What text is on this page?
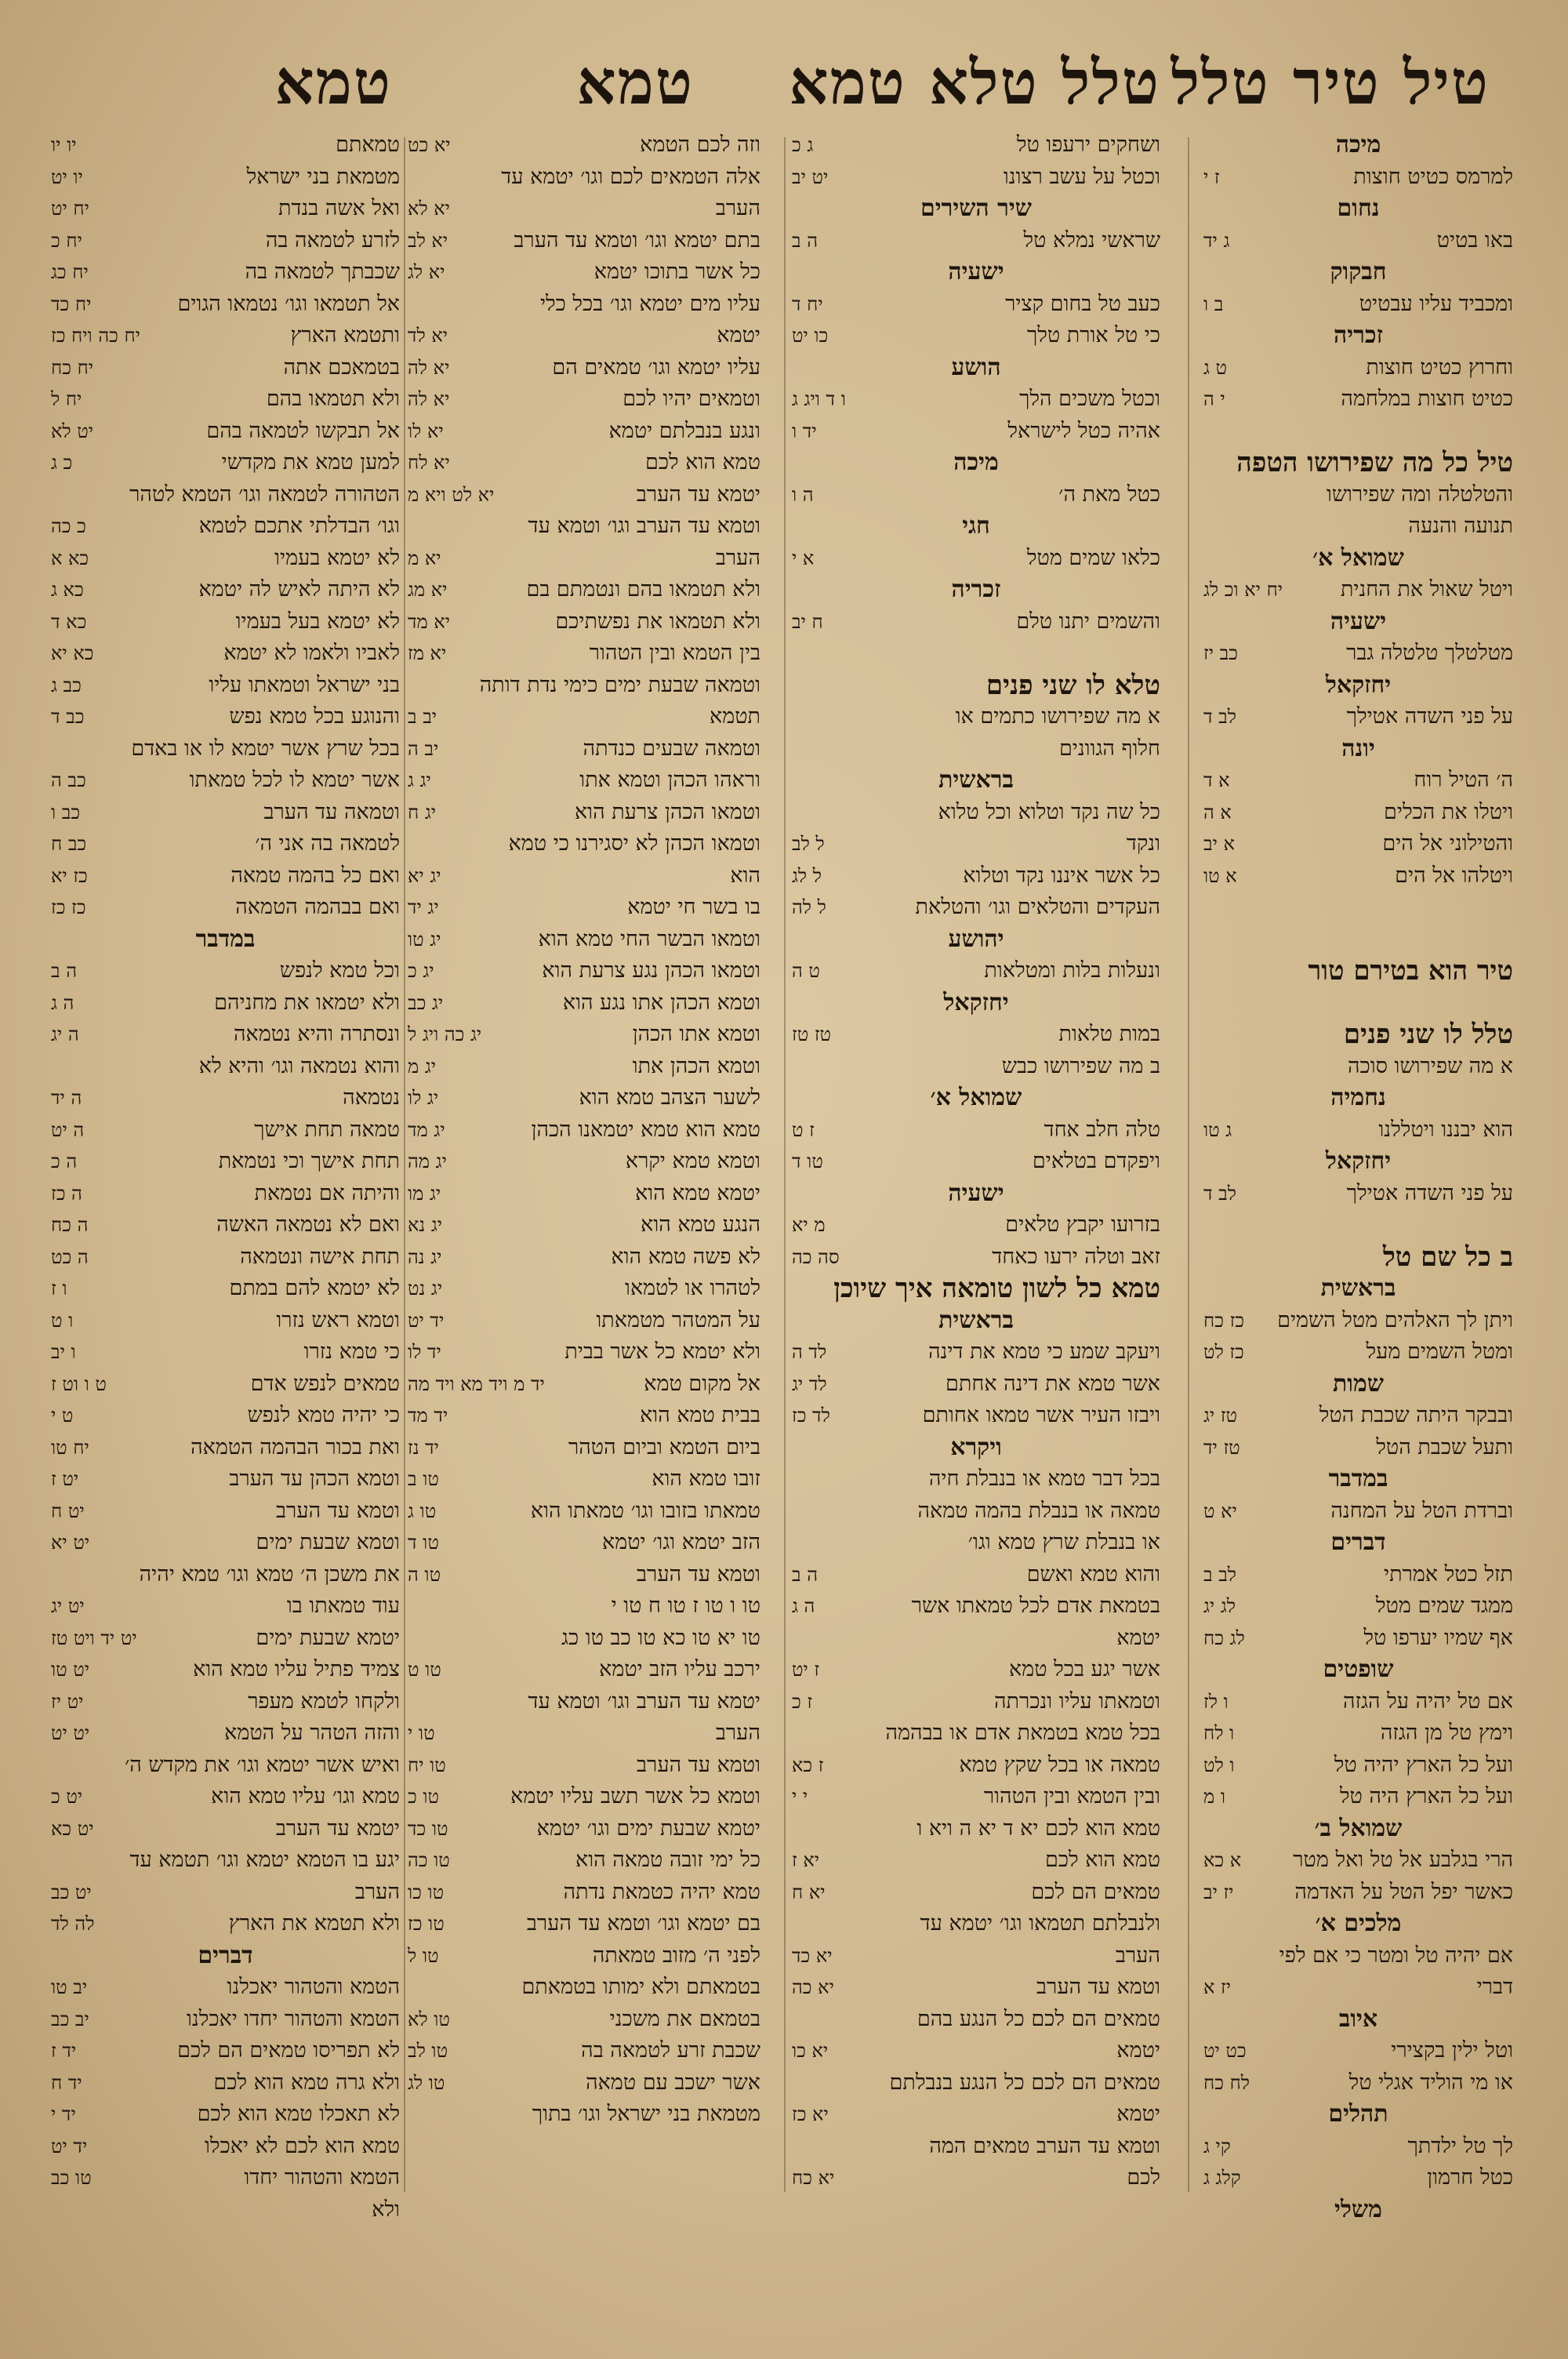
טיל טיר טלל
טלל טלא טמא
טמא
טמא
מיכה
למרמס כטיט חוצות
ז י
נחום
באו בטיט
ג יד
חבקוק
ומכביד עליו עבטיט
ב ו
זכריה
וחרוץ כטיט חוצות
ט ג
כטיט חוצות במלחמה
י ה
טיל כל מה שפירושו הטפה
והטלטלה ומה שפירושו
תנועה והנעה
שמואל א׳
ויטל שאול את החנית
יח יא וכ לג
ישעיה
מטלטלך טלטלה גבר
כב יז
יחזקאל
על פני השדה אטילך
לב ד
יונה
ה׳ הטיל רוח
א ד
ויטלו את הכלים
א ה
והטילוני אל הים
א יב
ויטלהו אל הים
א טו
טיר הוא בטירם טור
טלל לו שני פנים
א מה שפירושו סוכה
נחמיה
הוא יבננו ויטללנו
ג טו
יחזקאל
על פני השדה אטילך
לב ד
ב כל שם טל
בראשית
ויתן לך האלהים מטל השמים
כז כח
ומטל השמים מעל
כז לט
שמות
ובבקר היתה שכבת הטל
טז יג
ותעל שכבת הטל
טז יד
במדבר
וברדת הטל על המחנה
יא ט
דברים
תזל כטל אמרתי
לב ב
ממגד שמים מטל
לג יג
אף שמיו יערפו טל
לג כח
שופטים
אם טל יהיה על הגזה
ו לז
וימץ טל מן הגזה
ו לח
ועל כל הארץ יהיה טל
ו לט
ועל כל הארץ היה טל
ו מ
שמואל ב׳
הרי בגלבע אל טל ואל מטר
א כא
כאשר יפל הטל על האדמה
יז יב
מלכים א׳
אם יהיה טל ומטר כי אם לפי
דברי
יז א
איוב
וטל ילין בקצירי
כט יט
או מי הוליד אגלי טל
לח כח
תהלים
לך טל ילדתך
קי ג
כטל חרמון
קלג ג
משלי
ושחקים ירעפו טל
ג כ
וכטל על עשב רצונו
יט יב
שיר השירים
שראשי נמלא טל
ה ב
ישעיה
כעב טל בחום קציר
יח ד
כי טל אורת טלך
כו יט
הושע
וכטל משכים הלך
ו ד ויג ג
אהיה כטל לישראל
יד ו
מיכה
כטל מאת ה׳
ה ו
חגי
כלאו שמים מטל
א י
זכריה
והשמים יתנו טלם
ח יב
טלא לו שני פנים
א מה שפירושו כתמים או
חלוף הגוונים
בראשית
כל שה נקד וטלוא וכל טלוא
ונקד
ל לב
כל אשר איננו נקד וטלוא
ל לג
העקדים והטלאים וגו׳ והטלאת
ל לה
יהושע
ונעלות בלות ומטלאות
ט ה
יחזקאל
במות טלאות
טז טז
ב מה שפירושו כבש
שמואל א׳
טלה חלב אחד
ז ט
ויפקדם בטלאים
טו ד
ישעיה
בזרועו יקבץ טלאים
מ יא
זאב וטלה ירעו כאחד
סה כה
טמא כל לשון טומאה איך שיוכן
בראשית
ויעקב שמע כי טמא את דינה
לד ה
אשר טמא את דינה אחתם
לד יג
ויבזו העיר אשר טמאו אחותם
לד כז
ויקרא
בכל דבר טמא או בנבלת חיה
טמאה או בנבלת בהמה טמאה
או בנבלת שרץ טמא וגו׳
והוא טמא ואשם
ה ב
בטמאת אדם לכל טמאתו אשר
ה ג
יטמא
אשר יגע בכל טמא
ז יט
וטמאתו עליו ונכרתה
ז כ
בכל טמא בטמאת אדם או בבהמה
טמאה או בכל שקץ טמא
ז כא
ובין הטמא ובין הטהור
י י
טמא הוא לכם יא ד יא ה ויא ו
טמא הוא לכם
יא ז
טמאים הם לכם
יא ח
ולנבלתם תטמאו וגו׳ יטמא עד
הערב
יא כד
וטמא עד הערב
יא כה
טמאים הם לכם כל הנגע בהם
יטמא
יא כו
טמאים הם לכם כל הנגע בנבלתם
יטמא
יא כז
וטמא עד הערב טמאים המה
לכם
יא כח
וזה לכם הטמא
יא כט
אלה הטמאים לכם וגו׳ יטמא עד
הערב
יא לא
בתם יטמא וגו׳ וטמא עד הערב
יא לב
כל אשר בתוכו יטמא
יא לג
עליו מים יטמא וגו׳ בכל כלי
יטמא
יא לד
עליו יטמא וגו׳ טמאים הם
יא לה
וטמאים יהיו לכם
יא לה
ונגע בנבלתם יטמא
יא לו
טמא הוא לכם
יא לח
יטמא עד הערב
יא לט ויא מ
וטמא עד הערב וגו׳ וטמא עד
הערב
יא מ
ולא תטמאו בהם ונטמתם בם
יא מג
ולא תטמאו את נפשתיכם
יא מד
בין הטמא ובין הטהור
יא מז
וטמאה שבעת ימים כימי נדת דותה
תטמא
יב ב
וטמאה שבעים כנדתה
יב ה
וראהו הכהן וטמא אתו
יג ג
וטמאו הכהן צרעת הוא
יג ח
וטמאו הכהן לא יסגירנו כי טמא
הוא
יג יא
בו בשר חי יטמא
יג יד
וטמאו הבשר החי טמא הוא
יג טו
וטמאו הכהן נגע צרעת הוא
יג כ
וטמא הכהן אתו נגע הוא
יג כב
וטמא אתו הכהן
יג כה ויג ל
וטמא הכהן אתו
יג מ
לשער הצהב טמא הוא
יג לו
טמא הוא טמא יטמאנו הכהן
יג מד
וטמא טמא יקרא
יג מה
יטמא טמא הוא
יג מו
הנגע טמא הוא
יג נא
לא פשה טמא הוא
יג נה
לטהרו או לטמאו
יג נט
על המטהר מטמאתו
יד יט
ולא יטמא כל אשר בבית
יד לו
אל מקום טמא
יד מ ויד מא ויד מה
בבית טמא הוא
יד מד
ביום הטמא וביום הטהר
יד נז
זובו טמא הוא
טו ב
טמאתו בזובו וגו׳ טמאתו הוא
טו ג
הזב יטמא וגו׳ יטמא
טו ד
וטמא עד הערב
טו ה
טו ו טו ז טו ח טו י
טו יא טו כא טו כב טו כג
ירכב עליו הזב יטמא
טו ט
יטמא עד הערב וגו׳ וטמא עד
הערב
טו י
וטמא עד הערב
טו יח
וטמא כל אשר תשב עליו יטמא
טו כ
יטמא שבעת ימים וגו׳ יטמא
טו כד
כל ימי זובה טמאה הוא
טו כה
טמא יהיה כטמאת נדתה
טו כו
בם יטמא וגו׳ וטמא עד הערב
טו כז
לפני ה׳ מזוב טמאתה
טו ל
בטמאתם ולא ימותו בטמאתם
בטמאם את משכני
טו לא
שכבת זרע לטמאה בה
טו לב
אשר ישכב עם טמאה
טו לג
מטמאת בני ישראל וגו׳ בתוך
טמאתם
יו יו
מטמאת בני ישראל
יו יט
ואל אשה בנדת
יח יט
לזרע לטמאה בה
יח כ
שכבתך לטמאה בה
יח כג
אל תטמאו וגו׳ נטמאו הגוים
יח כד
ותטמא הארץ
יח כה ויח כז
בטמאכם אתה
יח כח
ולא תטמאו בהם
יח ל
אל תבקשו לטמאה בהם
יט לא
למען טמא את מקדשי
כ ג
הטהורה לטמאה וגו׳ הטמא לטהר
וגו׳ הבדלתי אתכם לטמא
כ כה
לא יטמא בעמיו
כא א
לא היתה לאיש לה יטמא
כא ג
לא יטמא בעל בעמיו
כא ד
לאביו ולאמו לא יטמא
כא יא
בני ישראל וטמאתו עליו
כב ג
והנוגע בכל טמא נפש
כב ד
בכל שרץ אשר יטמא לו או באדם
אשר יטמא לו לכל טמאתו
כב ה
וטמאה עד הערב
כב ו
לטמאה בה אני ה׳
כב ח
ואם כל בהמה טמאה
כז יא
ואם בבהמה הטמאה
כז כז
במדבר
וכל טמא לנפש
ה ב
ולא יטמאו את מחניהם
ה ג
ונסתרה והיא נטמאה
ה יג
והוא נטמאה וגו׳ והיא לא
נטמאה
ה יד
טמאה תחת אישך
ה יט
תחת אישך וכי נטמאת
ה כ
והיתה אם נטמאת
ה כז
ואם לא נטמאה האשה
ה כח
תחת אישה ונטמאה
ה כט
לא יטמא להם במתם
ו ז
וטמא ראש נזרו
ו ט
כי טמא נזרו
ו יב
טמאים לנפש אדם
ט ו וט ז
כי יהיה טמא לנפש
ט י
ואת בכור הבהמה הטמאה
יח טו
וטמא הכהן עד הערב
יט ז
וטמא עד הערב
יט ח
וטמא שבעת ימים
יט יא
את משכן ה׳ טמא וגו׳ טמא יהיה
עוד טמאתו בו
יט יג
יטמא שבעת ימים
יט יד ויט טז
צמיד פתיל עליו טמא הוא
יט טו
ולקחו לטמא מעפר
יט יז
והזה הטהר על הטמא
יט יט
ואיש אשר יטמא וגו׳ את מקדש ה׳
טמא וגו׳ עליו טמא הוא
יט כ
יטמא עד הערב
יט כא
יגע בו הטמא יטמא וגו׳ תטמא עד
הערב
יט כב
ולא תטמא את הארץ
לה לד
דברים
הטמא והטהור יאכלנו
יב טו
הטמא והטהור יחדו יאכלנו
יב כב
לא תפריסו טמאים הם לכם
יד ז
ולא גרה טמא הוא לכם
יד ח
לא תאכלו טמא הוא לכם
יד י
טמא הוא לכם לא יאכלו
יד יט
הטמא והטהור יחדו
טו כב
ולא
